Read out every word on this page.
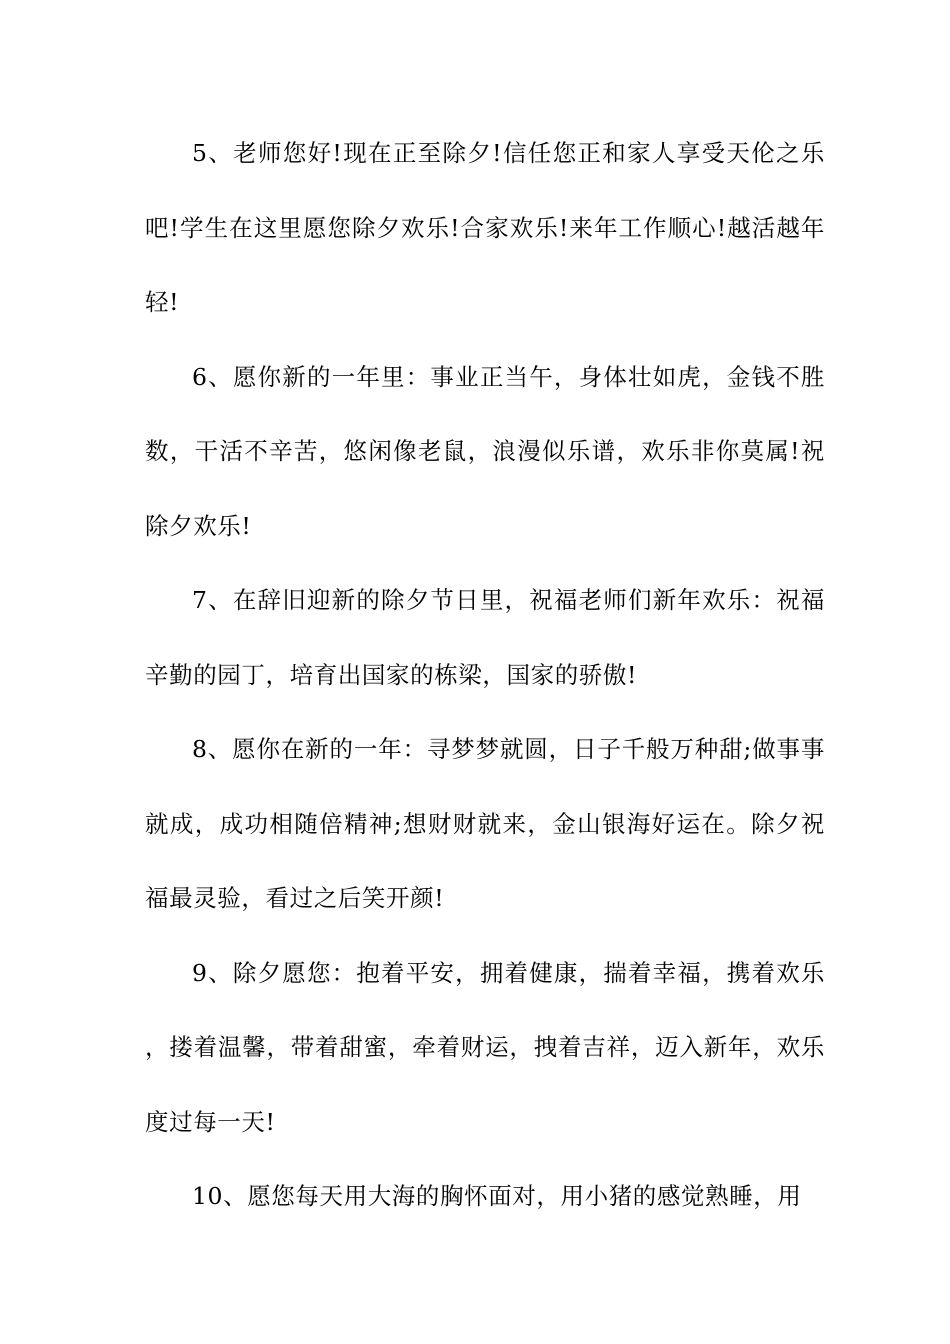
5、老师您好!现在正至除夕!信任您正和家人享受天伦之乐吧!学生在这里愿您除夕欢乐!合家欢乐!来年工作顺心!越活越年轻!

6、愿你新的一年里：事业正当午，身体壮如虎，金钱不胜数，干活不辛苦，悠闲像老鼠，浪漫似乐谱，欢乐非你莫属!祝除夕欢乐!

7、在辞旧迎新的除夕节日里，祝福老师们新年欢乐：祝福辛勤的园丁，培育出国家的栋梁，国家的骄傲!

8、愿你在新的一年：寻梦梦就圆，日子千般万种甜;做事事就成，成功相随倍精神;想财财就来，金山银海好运在。除夕祝福最灵验，看过之后笑开颜!

9、除夕愿您：抱着平安，拥着健康，揣着幸福，携着欢乐，搂着温馨，带着甜蜜，牵着财运，拽着吉祥，迈入新年，欢乐度过每一天!

10、愿您每天用大海的胸怀面对，用小猪的感觉熟睡，用
